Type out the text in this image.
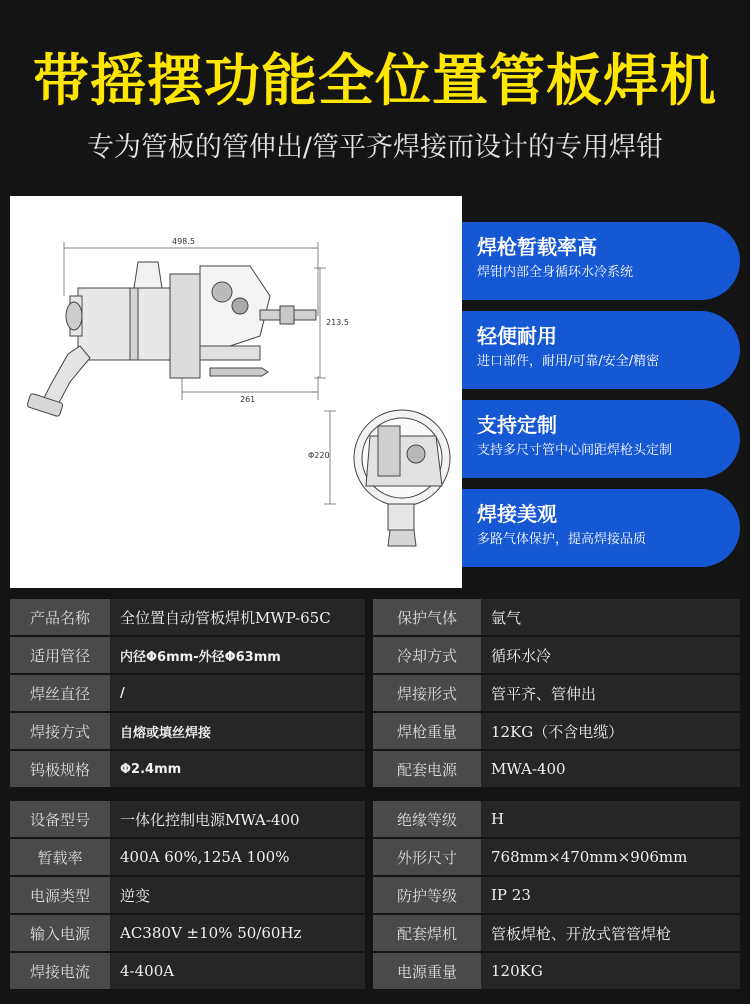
带摇摆功能全位置管板焊机
专为管板的管伸出/管平齐焊接而设计的专用焊钳
498.5
213.5
261
Φ220
焊枪暂载率高
焊钳内部全身循环水冷系统
轻便耐用
进口部件，耐用/可靠/安全/精密
支持定制
支持多尺寸管中心间距焊枪头定制
焊接美观
多路气体保护，提高焊接品质
产品名称	全位置自动管板焊机MWP-65C		保护气体	氩气
适用管径	内径Φ6mm-外径Φ63mm		冷却方式	循环水冷
焊丝直径	/		焊接形式	管平齐、管伸出
焊接方式	自熔或填丝焊接		焊枪重量	12KG（不含电缆）
钨极规格	Φ2.4mm		配套电源	MWA-400
设备型号	一体化控制电源MWA-400		绝缘等级	H
暂载率	400A 60%,125A 100%		外形尺寸	768mm×470mm×906mm
电源类型	逆变		防护等级	IP 23
输入电源	AC380V ±10% 50/60Hz		配套焊机	管板焊枪、开放式管管焊枪
焊接电流	4-400A		电源重量	120KG
